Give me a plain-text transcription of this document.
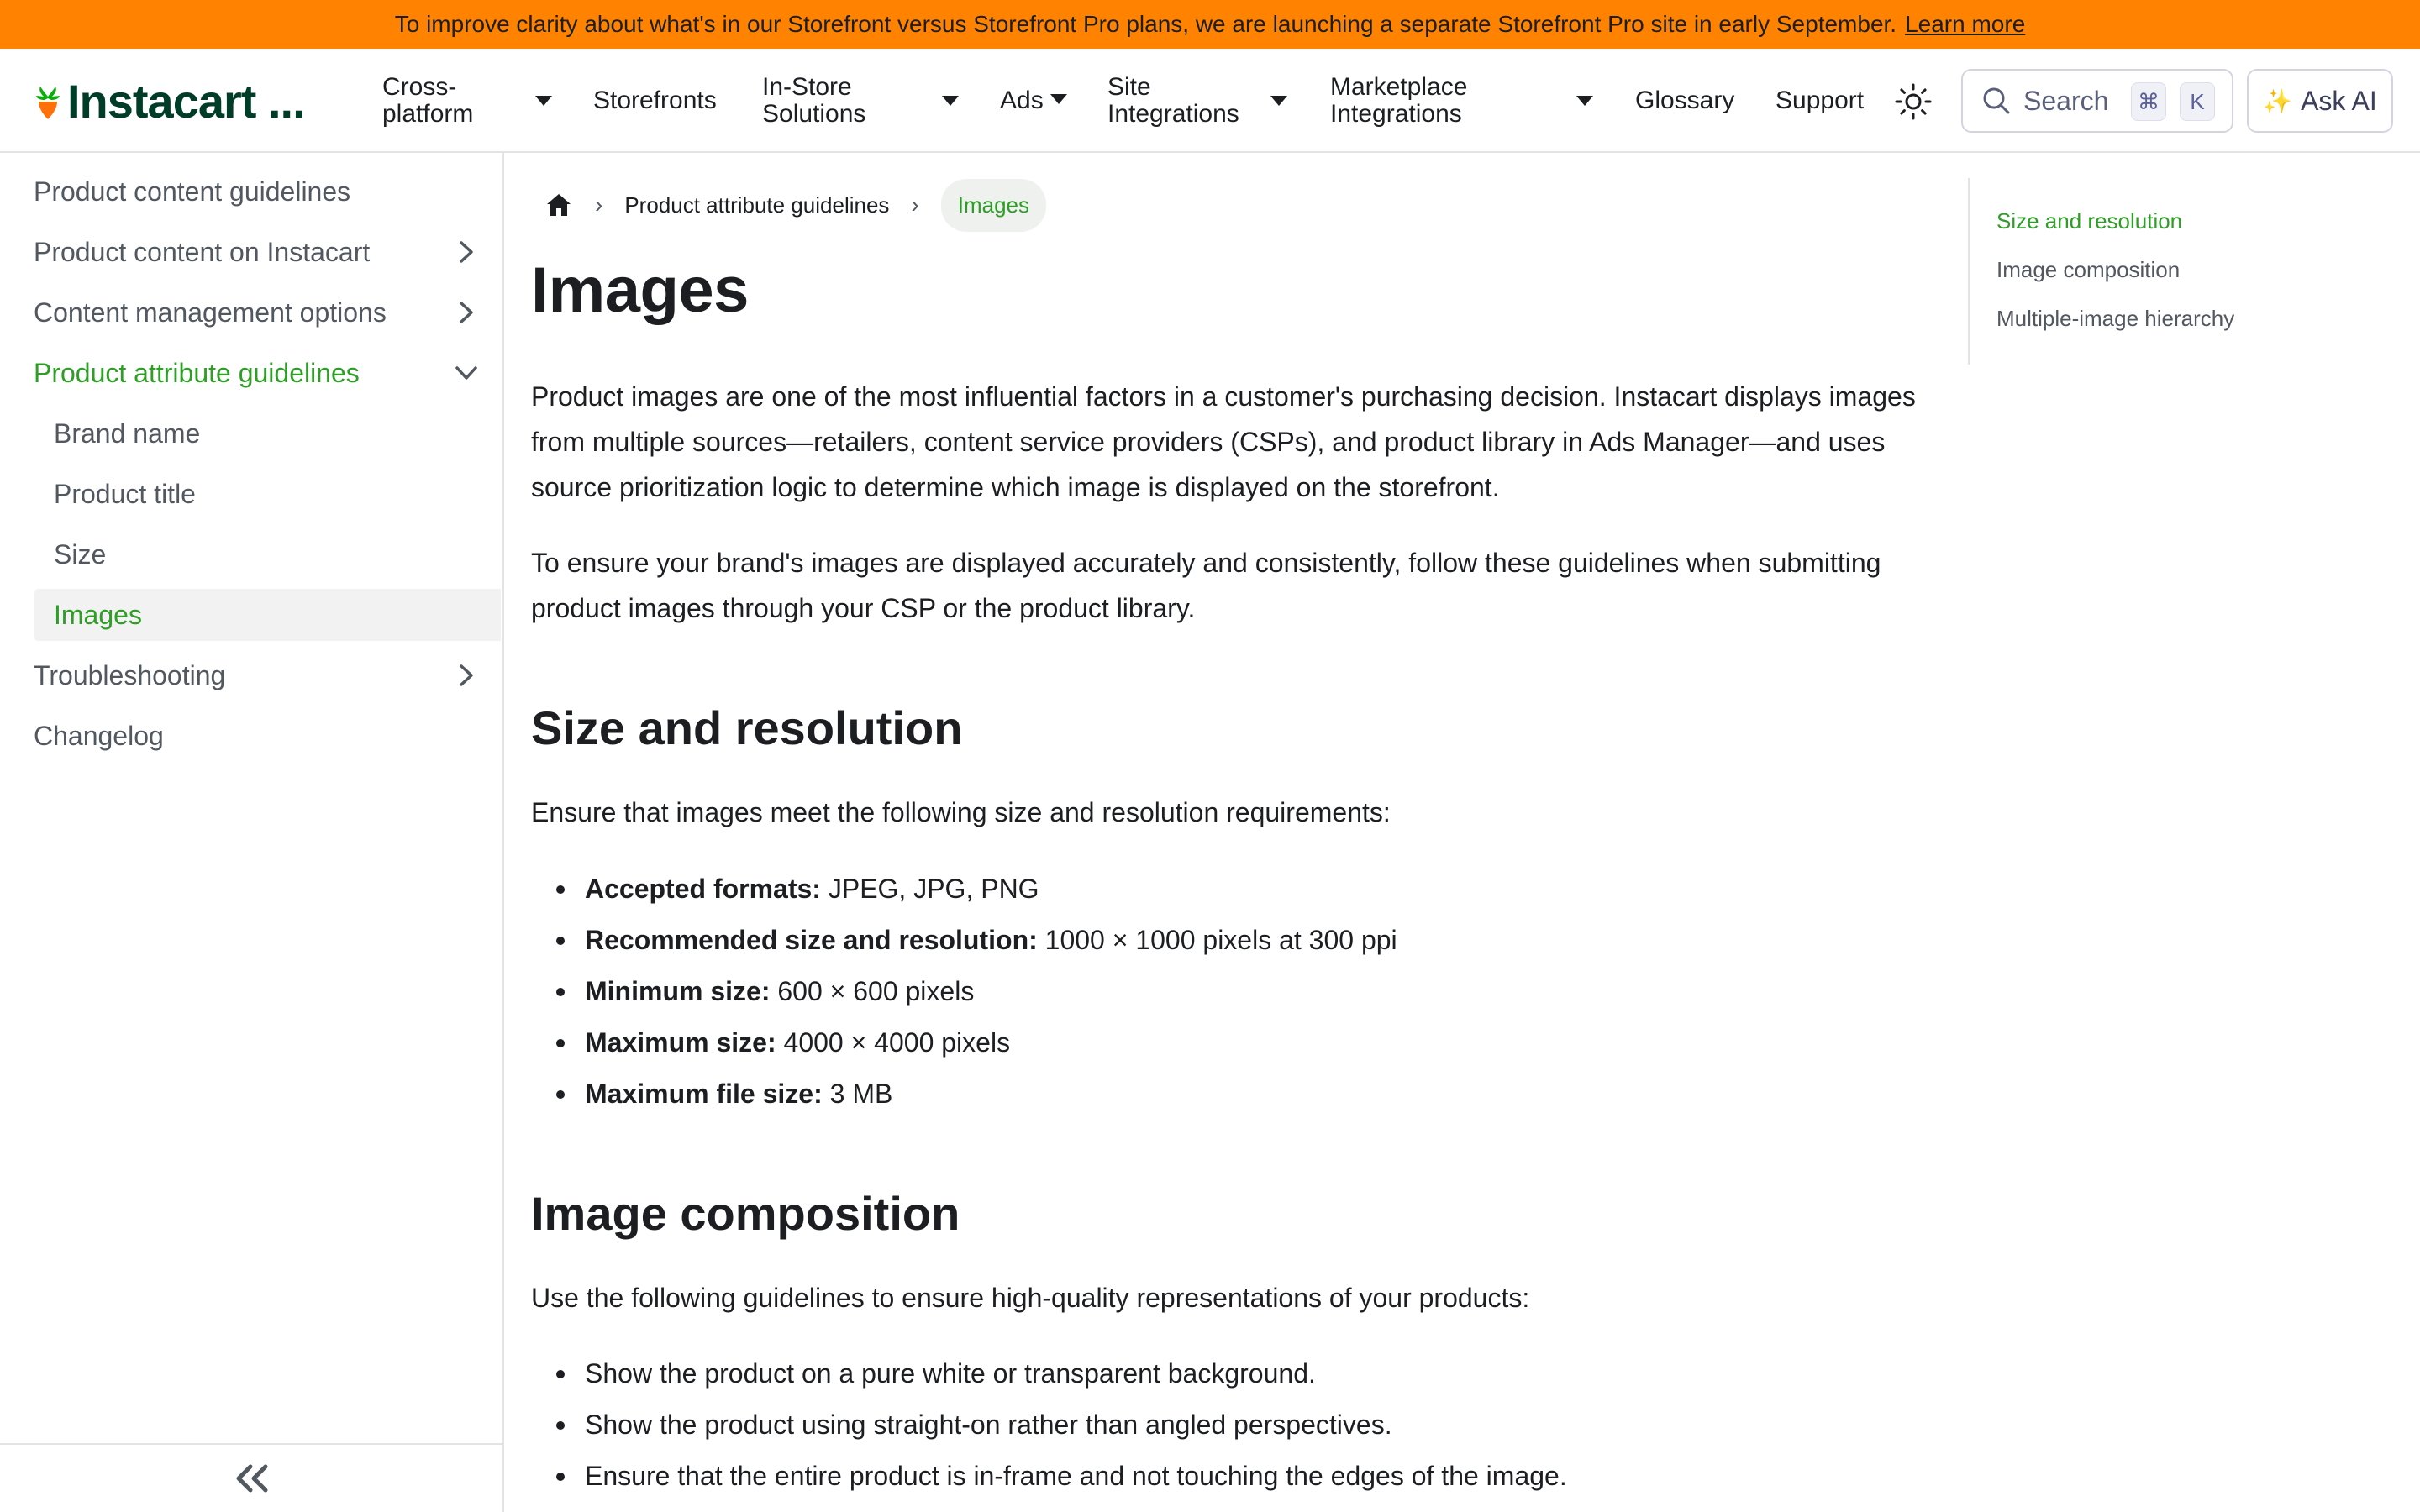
To improve clarity about what's in our Storefront versus Storefront Pro plans, we are launching a separate Storefront Pro site in early September. Learn more
Instacart ...	Cross-
platform	Storefronts In-Store
Solutions	Ads	Site
Integrations
Marketplace
Integrations	Glossary Support	Search	⌘	K	✨ Ask AI
Product content guidelines
Product content on Instacart
Content management options
Product attribute guidelines
Brand name
Product title
Size
Images
Troubleshooting
Changelog
› Product attribute guidelines ›	Images
Images

Product images are one of the most influential factors in a customer's purchasing decision. Instacart displays images from multiple sources—retailers, content service providers (CSPs), and product library in Ads Manager—and uses source prioritization logic to determine which image is displayed on the storefront.

To ensure your brand's images are displayed accurately and consistently, follow these guidelines when submitting product images through your CSP or the product library.

Size and resolution

Ensure that images meet the following size and resolution requirements:

Accepted formats: JPEG, JPG, PNG
Recommended size and resolution: 1000 × 1000 pixels at 300 ppi
Minimum size: 600 × 600 pixels
Maximum size: 4000 × 4000 pixels
Maximum file size: 3 MB
Image composition

Use the following guidelines to ensure high-quality representations of your products:

Show the product on a pure white or transparent background.
Show the product using straight-on rather than angled perspectives.
Ensure that the entire product is in-frame and not touching the edges of the image.
Size and resolution
Image composition
Multiple-image hierarchy
